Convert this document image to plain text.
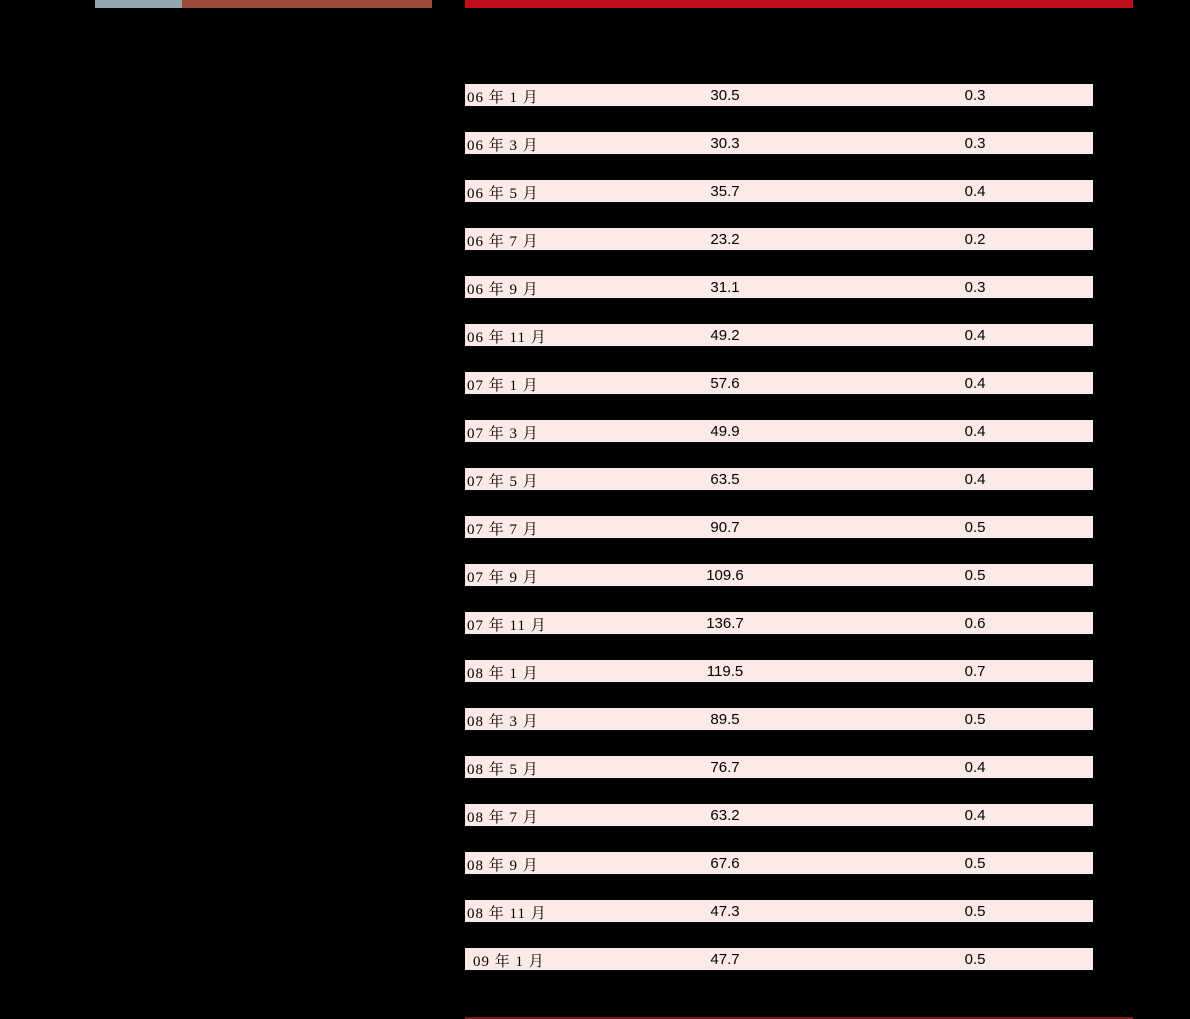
06 年 1 月	30.5	0.3
06 年 3 月	30.3	0.3
06 年 5 月	35.7	0.4
06 年 7 月	23.2	0.2
06 年 9 月	31.1	0.3
06 年 11 月	49.2	0.4
07 年 1 月	57.6	0.4
07 年 3 月	49.9	0.4
07 年 5 月	63.5	0.4
07 年 7 月	90.7	0.5
07 年 9 月	109.6	0.5
07 年 11 月	136.7	0.6
08 年 1 月	119.5	0.7
08 年 3 月	89.5	0.5
08 年 5 月	76.7	0.4
08 年 7 月	63.2	0.4
08 年 9 月	67.6	0.5
08 年 11 月	47.3	0.5
09 年 1 月	47.7	0.5
